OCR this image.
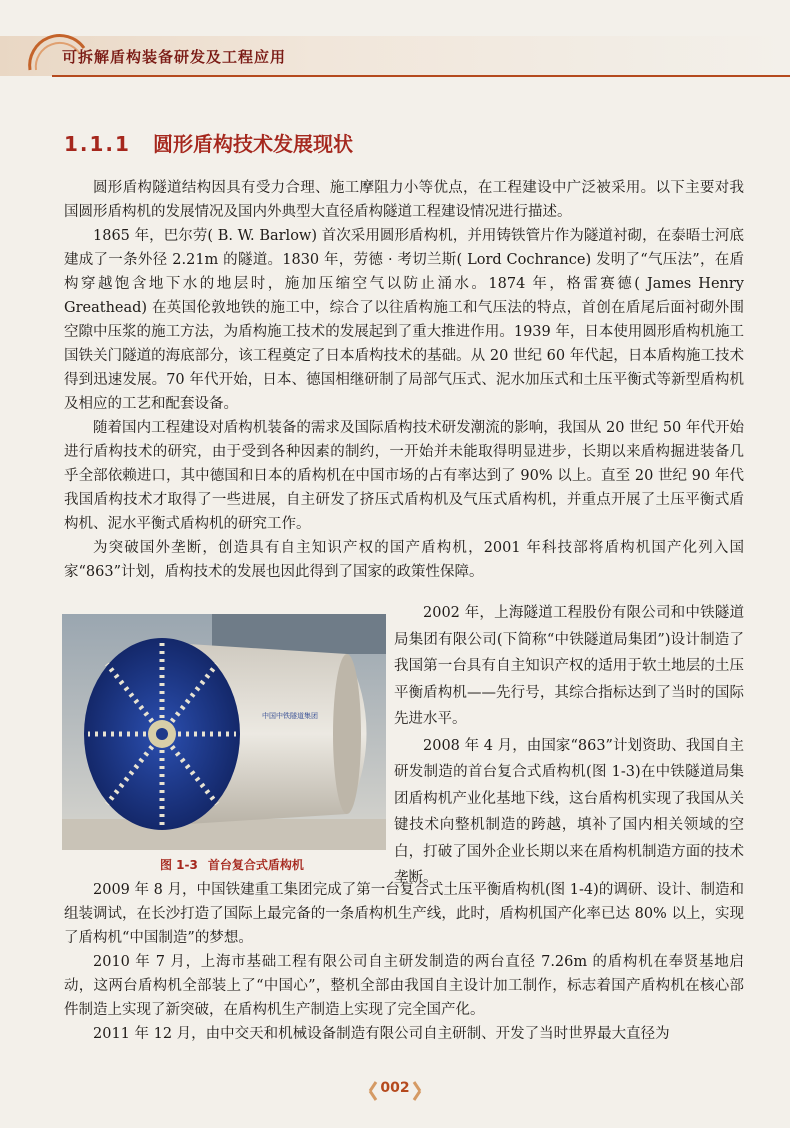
可拆解盾构装备研发及工程应用
1.1.1 圆形盾构技术发展现状

圆形盾构隧道结构因具有受力合理、施工摩阻力小等优点，在工程建设中广泛被采用。以下主要对我国圆形盾构机的发展情况及国内外典型大直径盾构隧道工程建设情况进行描述。

1865 年，巴尔劳( B. W. Barlow) 首次采用圆形盾构机，并用铸铁管片作为隧道衬砌，在泰晤士河底建成了一条外径 2.21m 的隧道。1830 年，劳德 · 考切兰斯( Lord Cochrance) 发明了“气压法”，在盾构穿越饱含地下水的地层时，施加压缩空气以防止涌水。1874 年，格雷赛德( James Henry Greathead) 在英国伦敦地铁的施工中，综合了以往盾构施工和气压法的特点，首创在盾尾后面衬砌外围空隙中压浆的施工方法，为盾构施工技术的发展起到了重大推进作用。1939 年，日本使用圆形盾构机施工国铁关门隧道的海底部分，该工程奠定了日本盾构技术的基础。从 20 世纪 60 年代起，日本盾构施工技术得到迅速发展。70 年代开始，日本、德国相继研制了局部气压式、泥水加压式和土压平衡式等新型盾构机及相应的工艺和配套设备。

随着国内工程建设对盾构机装备的需求及国际盾构技术研发潮流的影响，我国从 20 世纪 50 年代开始进行盾构技术的研究，由于受到各种因素的制约，一开始并未能取得明显进步，长期以来盾构掘进装备几乎全部依赖进口，其中德国和日本的盾构机在中国市场的占有率达到了 90% 以上。直至 20 世纪 90 年代我国盾构技术才取得了一些进展，自主研发了挤压式盾构机及气压式盾构机，并重点开展了土压平衡式盾构机、泥水平衡式盾构机的研究工作。

为突破国外垄断，创造具有自主知识产权的国产盾构机，2001 年科技部将盾构机国产化列入国家“863”计划，盾构技术的发展也因此得到了国家的政策性保障。

中国中铁隧道集团
图 1-3 首台复合式盾构机

2002 年，上海隧道工程股份有限公司和中铁隧道局集团有限公司(下简称“中铁隧道局集团”)设计制造了我国第一台具有自主知识产权的适用于软土地层的土压平衡盾构机——先行号，其综合指标达到了当时的国际先进水平。

2008 年 4 月，由国家“863”计划资助、我国自主研发制造的首台复合式盾构机(图 1-3)在中铁隧道局集团盾构机产业化基地下线，这台盾构机实现了我国从关键技术向整机制造的跨越，填补了国内相关领域的空白，打破了国外企业长期以来在盾构机制造方面的技术垄断。

2009 年 8 月，中国铁建重工集团完成了第一台复合式土压平衡盾构机(图 1-4)的调研、设计、制造和组装调试，在长沙打造了国际上最完备的一条盾构机生产线，此时，盾构机国产化率已达 80% 以上，实现了盾构机“中国制造”的梦想。

2010 年 7 月，上海市基础工程有限公司自主研发制造的两台直径 7.26m 的盾构机在奉贤基地启动，这两台盾构机全部装上了“中国心”，整机全部由我国自主设计加工制作，标志着国产盾构机在核心部件制造上实现了新突破，在盾构机生产制造上实现了完全国产化。

2011 年 12 月，由中交天和机械设备制造有限公司自主研制、开发了当时世界最大直径为

002
